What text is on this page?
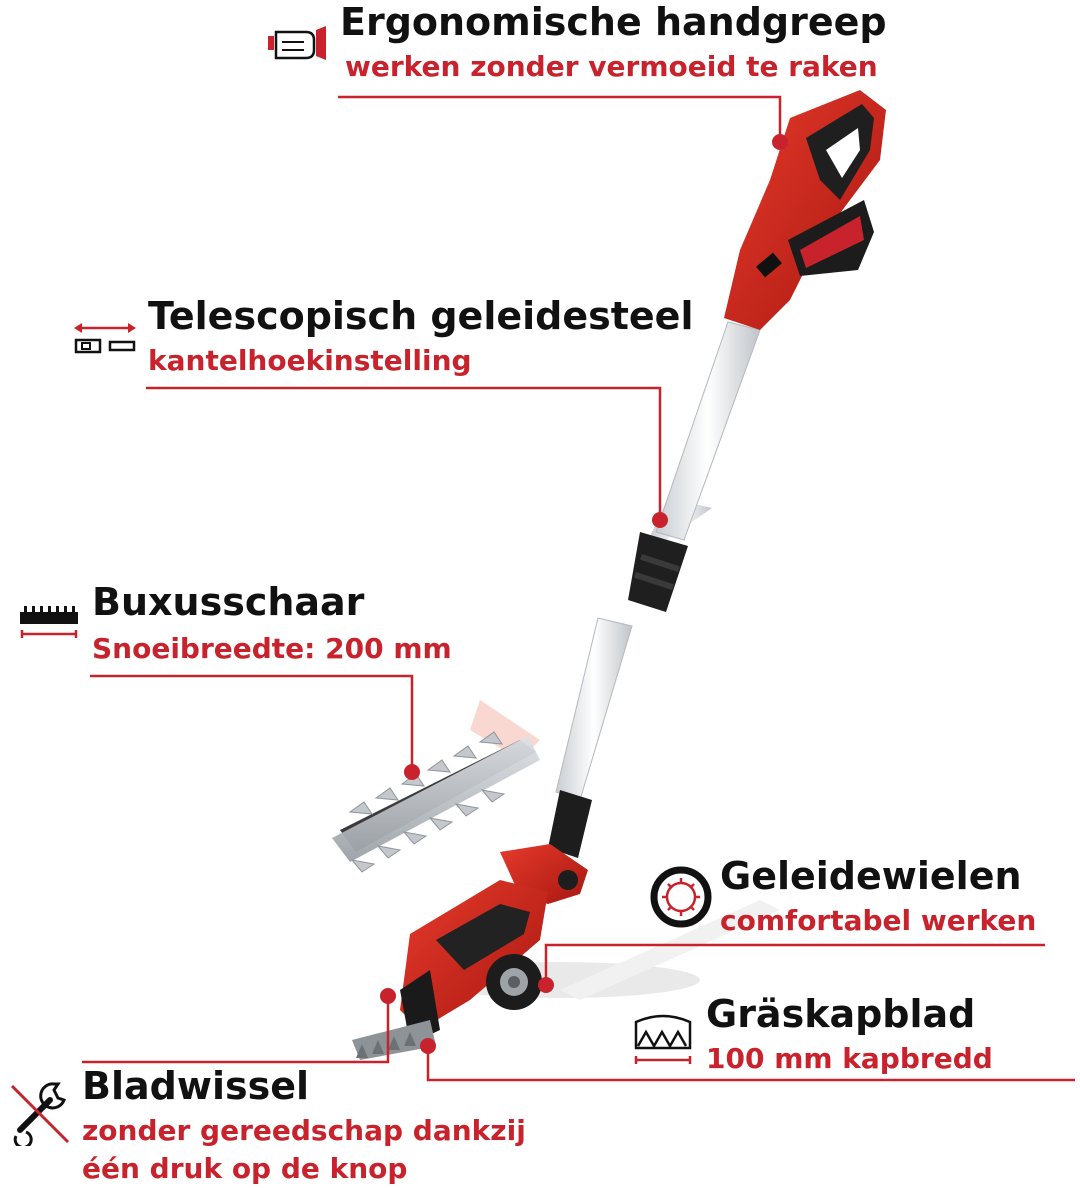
Ergonomische handgreep
werken zonder vermoeid te raken
Telescopisch geleidesteel
kantelhoekinstelling
Buxusschaar
Snoeibreedte: 200 mm
Geleidewielen
comfortabel werken
Gräskapblad
100 mm kapbredd
Bladwissel
zonder gereedschap dankzij
één druk op de knop
